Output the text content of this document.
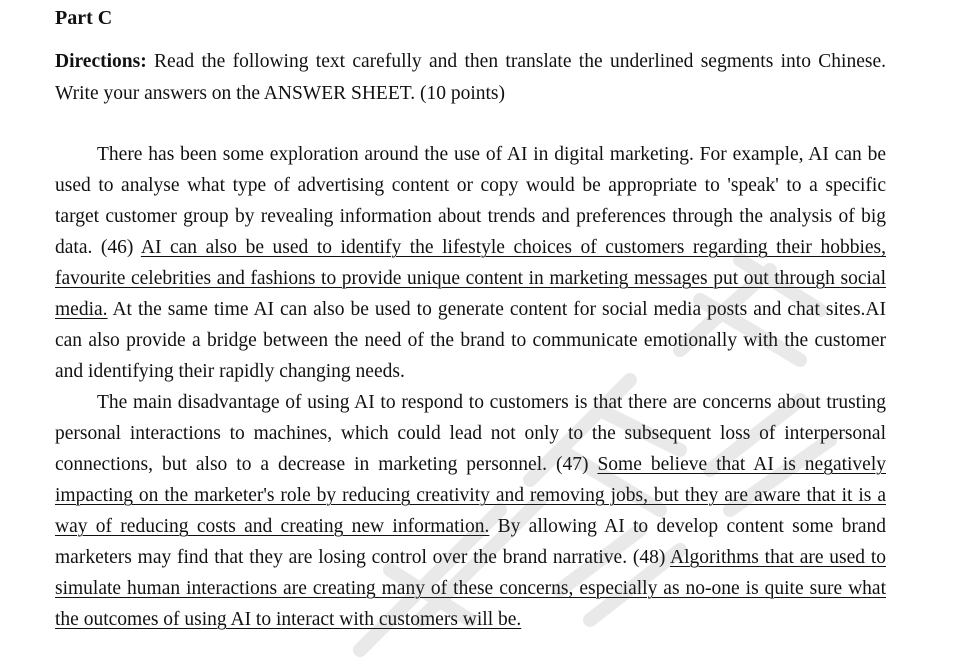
Part C

Directions: Read the following text carefully and then translate the underlined segments into Chinese. Write your answers on the ANSWER SHEET. (10 points)

There has been some exploration around the use of AI in digital marketing. For example, AI can be used to analyse what type of advertising content or copy would be appropriate to 'speak' to a specific target customer group by revealing information about trends and preferences through the analysis of big data. (46) AI can also be used to identify the lifestyle choices of customers regarding their hobbies, favourite celebrities and fashions to provide unique content in marketing messages put out through social media. At the same time AI can also be used to generate content for social media posts and chat sites.AI can also provide a bridge between the need of the brand to communicate emotionally with the customer and identifying their rapidly changing needs.

The main disadvantage of using AI to respond to customers is that there are concerns about trusting personal interactions to machines, which could lead not only to the subsequent loss of interpersonal connections, but also to a decrease in marketing personnel. (47) Some believe that AI is negatively impacting on the marketer's role by reducing creativity and removing jobs, but they are aware that it is a way of reducing costs and creating new information. By allowing AI to develop content some brand marketers may find that they are losing control over the brand narrative. (48) Algorithms that are used to simulate human interactions are creating many of these concerns, especially as no-one is quite sure what the outcomes of using AI to interact with customers will be.
